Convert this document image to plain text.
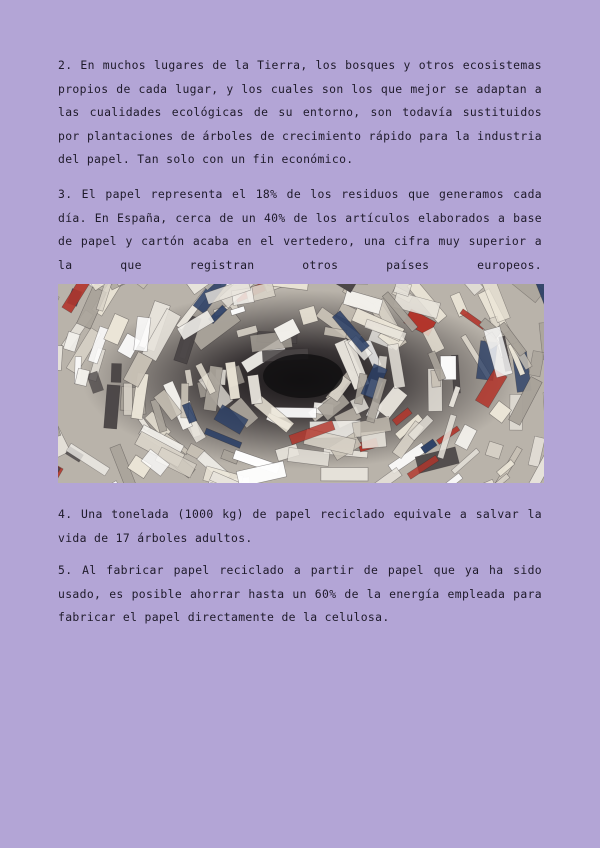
2. En muchos lugares de la Tierra, los bosques y otros ecosistemas propios de cada lugar, y los cuales son los que mejor se adaptan a las cualidades ecológicas de su entorno, son todavía sustituidos por plantaciones de árboles de crecimiento rápido para la industria del papel. Tan solo con un fin económico.

3. El papel representa el 18% de los residuos que generamos cada día. En España, cerca de un 40% de los artículos elaborados a base de papel y cartón acaba en el vertedero, una cifra muy superior a la que registran otros países europeos.

4. Una tonelada (1000 kg) de papel reciclado equivale a salvar la vida de 17 árboles adultos.

5. Al fabricar papel reciclado a partir de papel que ya ha sido usado, es posible ahorrar hasta un 60% de la energía empleada para fabricar el papel directamente de la celulosa.
